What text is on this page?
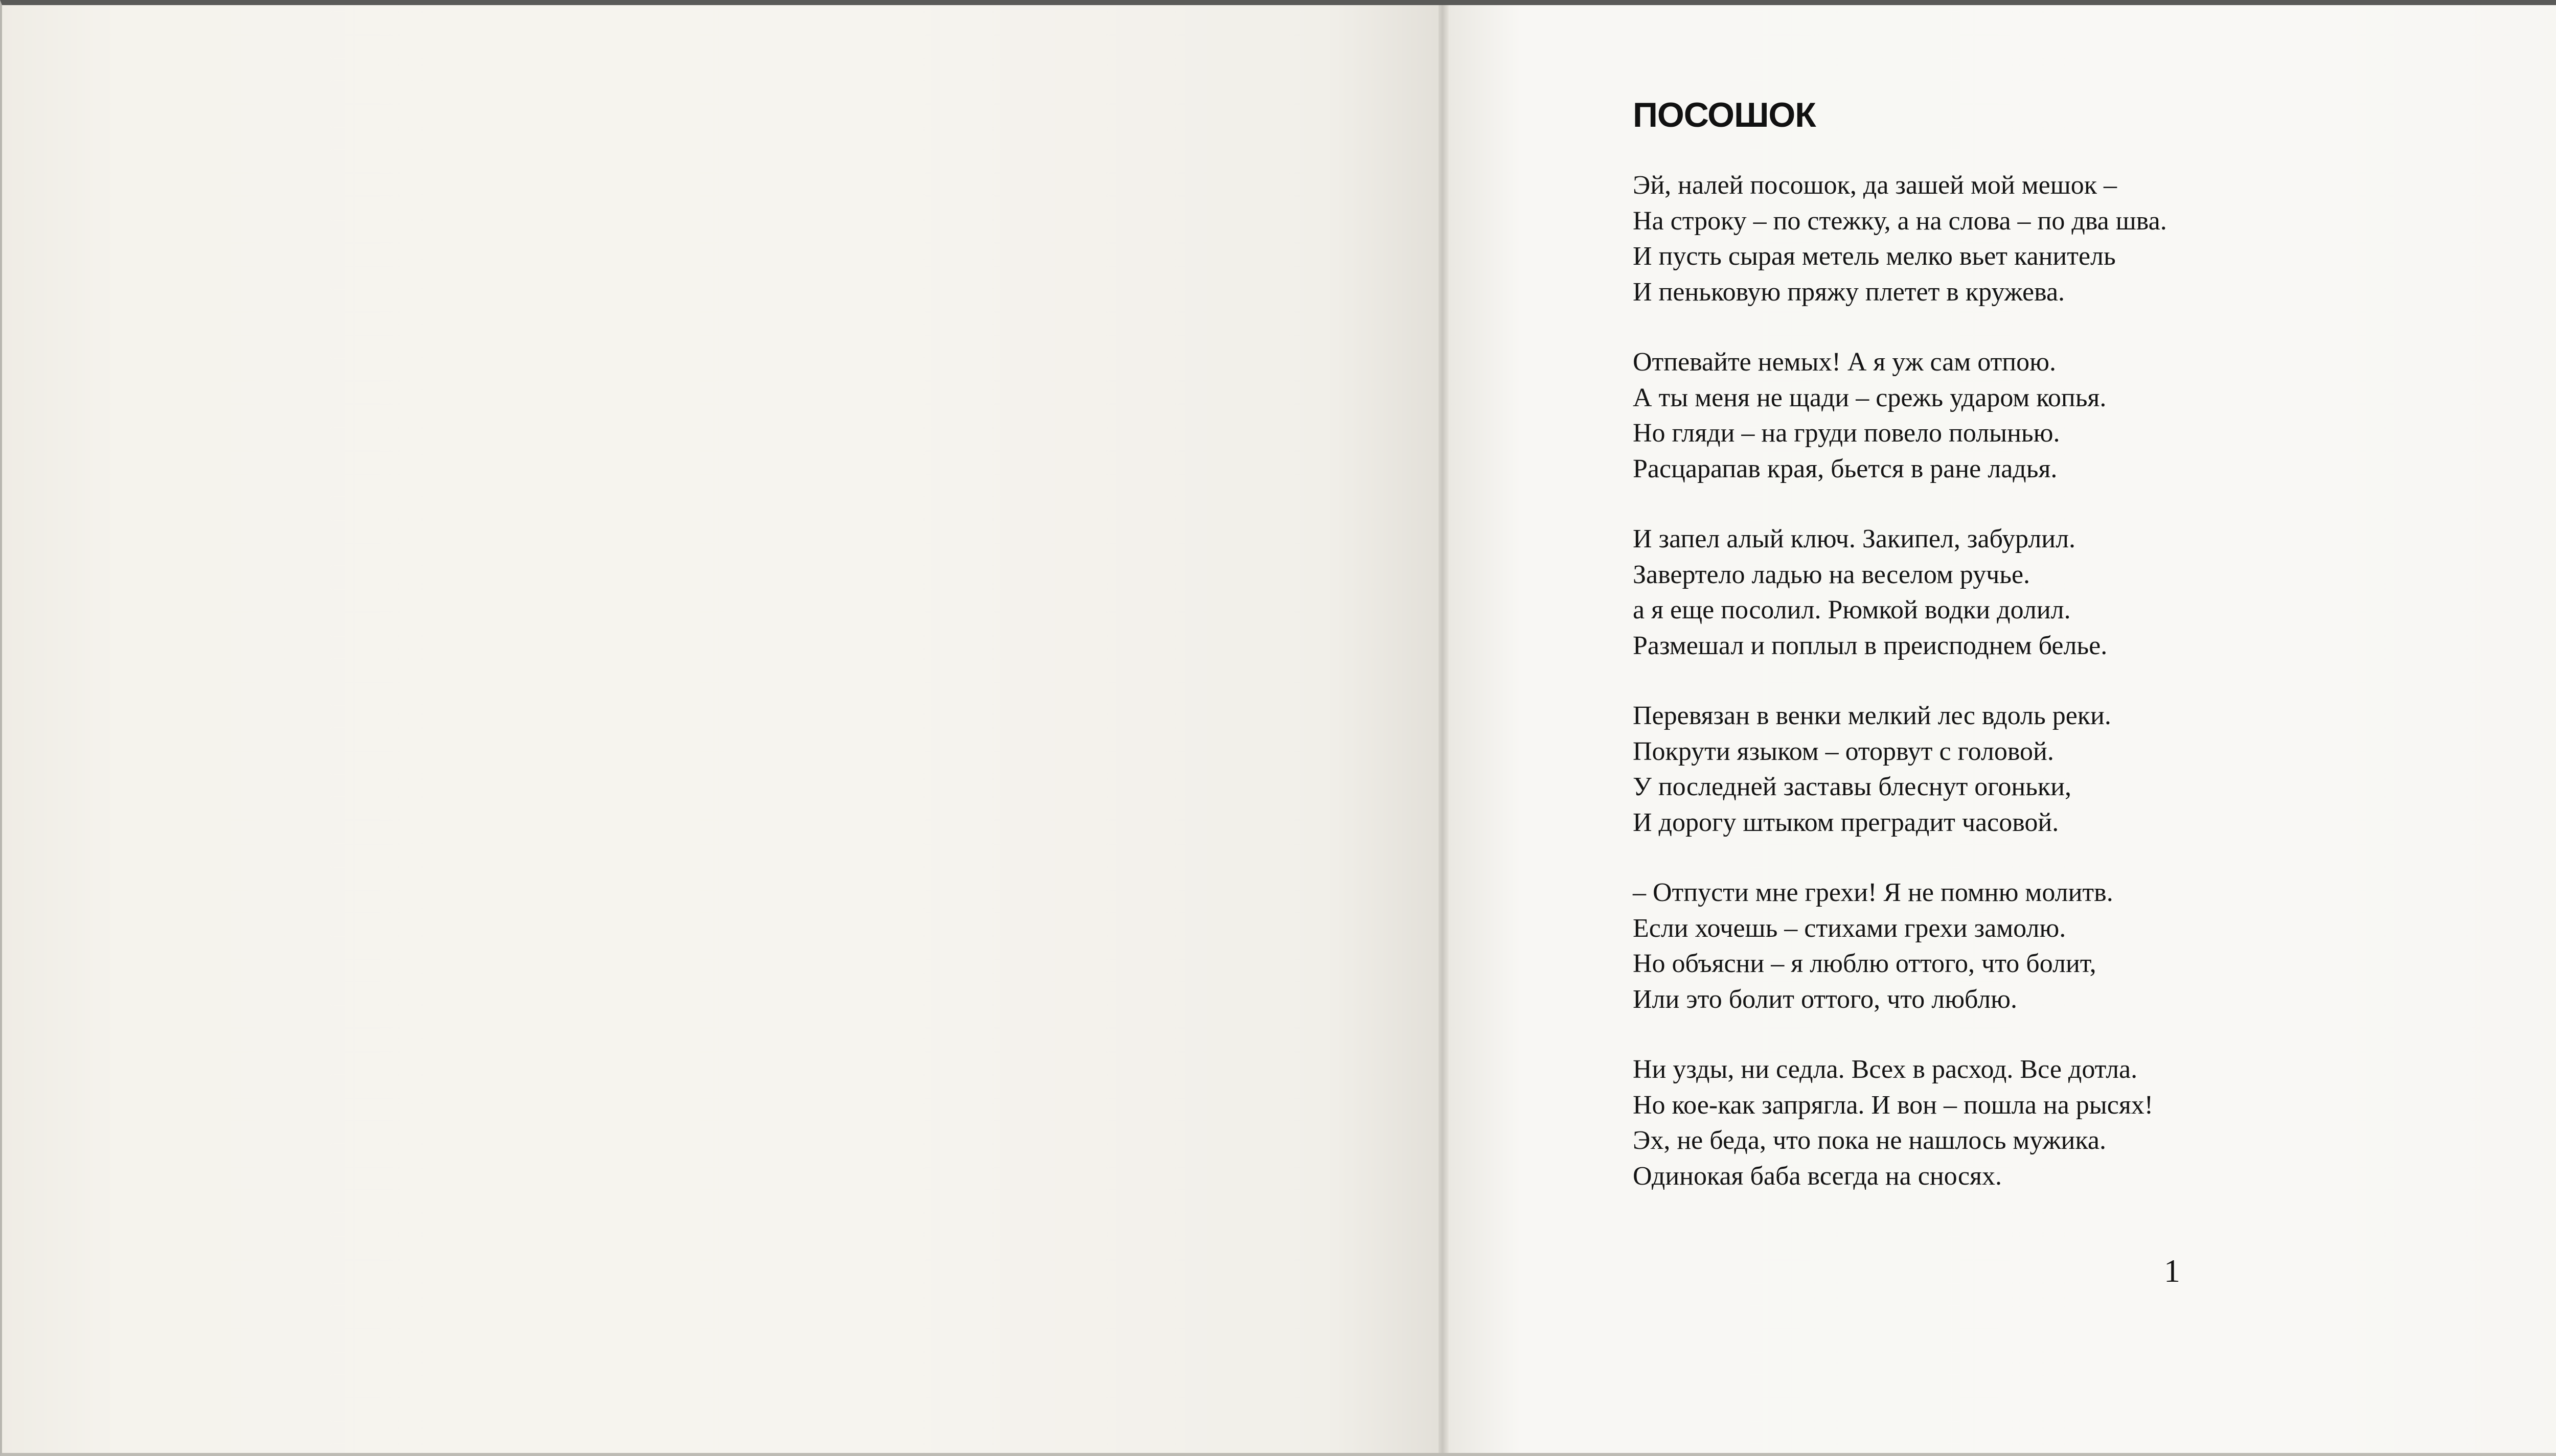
ПОСОШОК
Эй, налей посошок, да зашей мой мешок –
На строку – по стежку, а на слова – по два шва.
И пусть сырая метель мелко вьет канитель
И пеньковую пряжу плетет в кружева.
Отпевайте немых! А я уж сам отпою.
А ты меня не щади – срежь ударом копья.
Но гляди – на груди повело полынью.
Расцарапав края, бьется в ране ладья.
И запел алый ключ. Закипел, забурлил.
Завертело ладью на веселом ручье.
а я еще посолил. Рюмкой водки долил.
Размешал и поплыл в преисподнем белье.
Перевязан в венки мелкий лес вдоль реки.
Покрути языком – оторвут с головой.
У последней заставы блеснут огоньки,
И дорогу штыком преградит часовой.
– Отпусти мне грехи! Я не помню молитв.
Если хочешь – стихами грехи замолю.
Но объясни – я люблю оттого, что болит,
Или это болит оттого, что люблю.
Ни узды, ни седла. Всех в расход. Все дотла.
Но кое-как запрягла. И вон – пошла на рысях!
Эх, не беда, что пока не нашлось мужика.
Одинокая баба всегда на сносях.
1
